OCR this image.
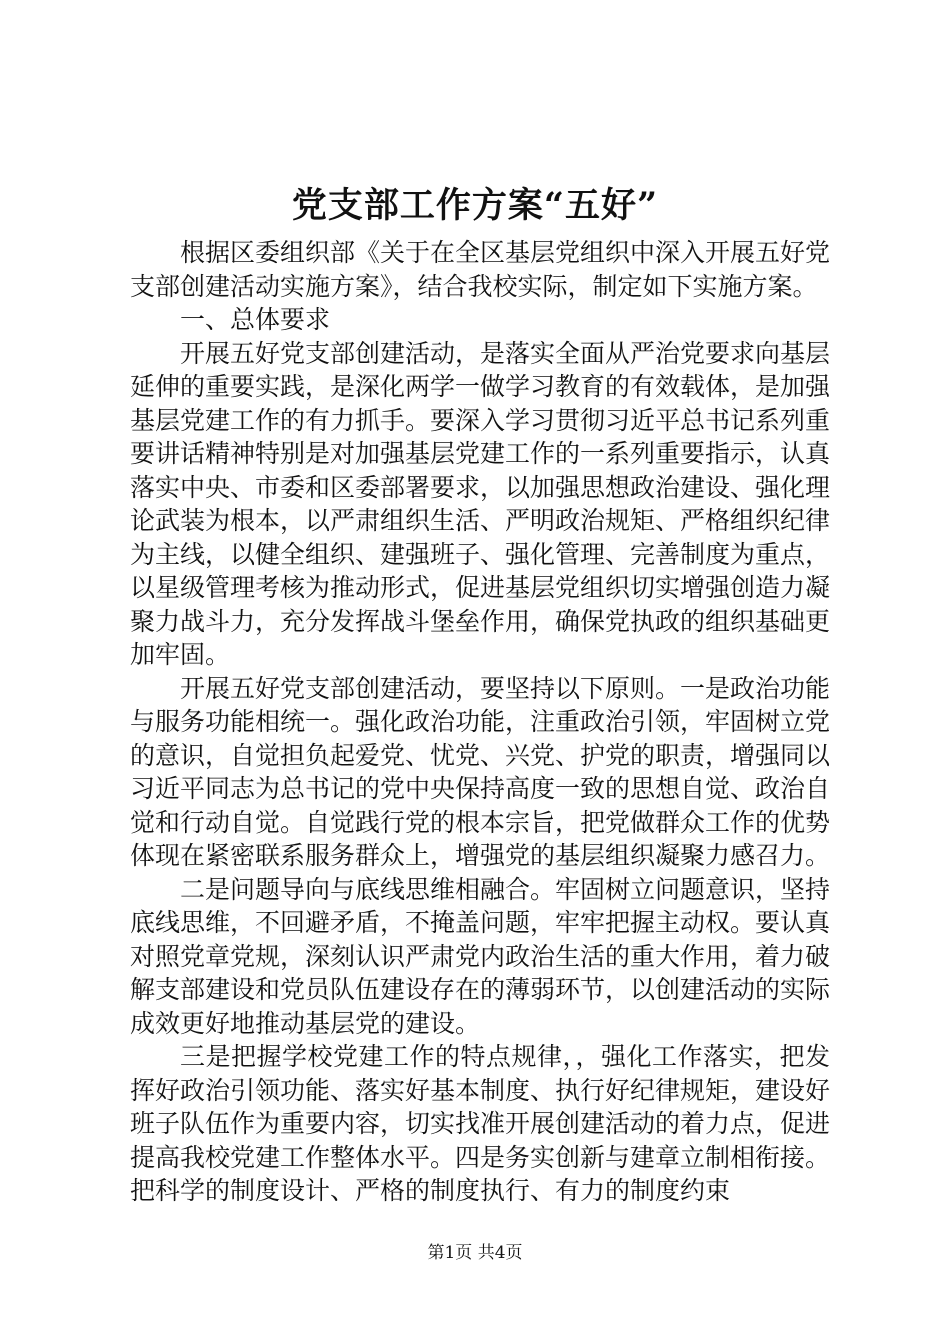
党支部工作方案“五好”

根据区委组织部《关于在全区基层党组织中深入开展五好党支部创建活动实施方案》，结合我校实际，制定如下实施方案。

一、总体要求

开展五好党支部创建活动，是落实全面从严治党要求向基层延伸的重要实践，是深化两学一做学习教育的有效载体，是加强基层党建工作的有力抓手。要深入学习贯彻习近平总书记系列重要讲话精神特别是对加强基层党建工作的一系列重要指示，认真落实中央、市委和区委部署要求，以加强思想政治建设、强化理论武装为根本，以严肃组织生活、严明政治规矩、严格组织纪律为主线，以健全组织、建强班子、强化管理、完善制度为重点，以星级管理考核为推动形式，促进基层党组织切实增强创造力凝聚力战斗力，充分发挥战斗堡垒作用，确保党执政的组织基础更加牢固。

开展五好党支部创建活动，要坚持以下原则。一是政治功能与服务功能相统一。强化政治功能，注重政治引领，牢固树立党的意识，自觉担负起爱党、忧党、兴党、护党的职责，增强同以习近平同志为总书记的党中央保持高度一致的思想自觉、政治自觉和行动自觉。自觉践行党的根本宗旨，把党做群众工作的优势体现在紧密联系服务群众上，增强党的基层组织凝聚力感召力。

二是问题导向与底线思维相融合。牢固树立问题意识，坚持底线思维，不回避矛盾，不掩盖问题，牢牢把握主动权。要认真对照党章党规，深刻认识严肃党内政治生活的重大作用，着力破解支部建设和党员队伍建设存在的薄弱环节，以创建活动的实际成效更好地推动基层党的建设。

三是把握学校党建工作的特点规律，，强化工作落实，把发挥好政治引领功能、落实好基本制度、执行好纪律规矩，建设好班子队伍作为重要内容，切实找准开展创建活动的着力点，促进提高我校党建工作整体水平。四是务实创新与建章立制相衔接。把科学的制度设计、严格的制度执行、有力的制度约束

第1页 共4页
